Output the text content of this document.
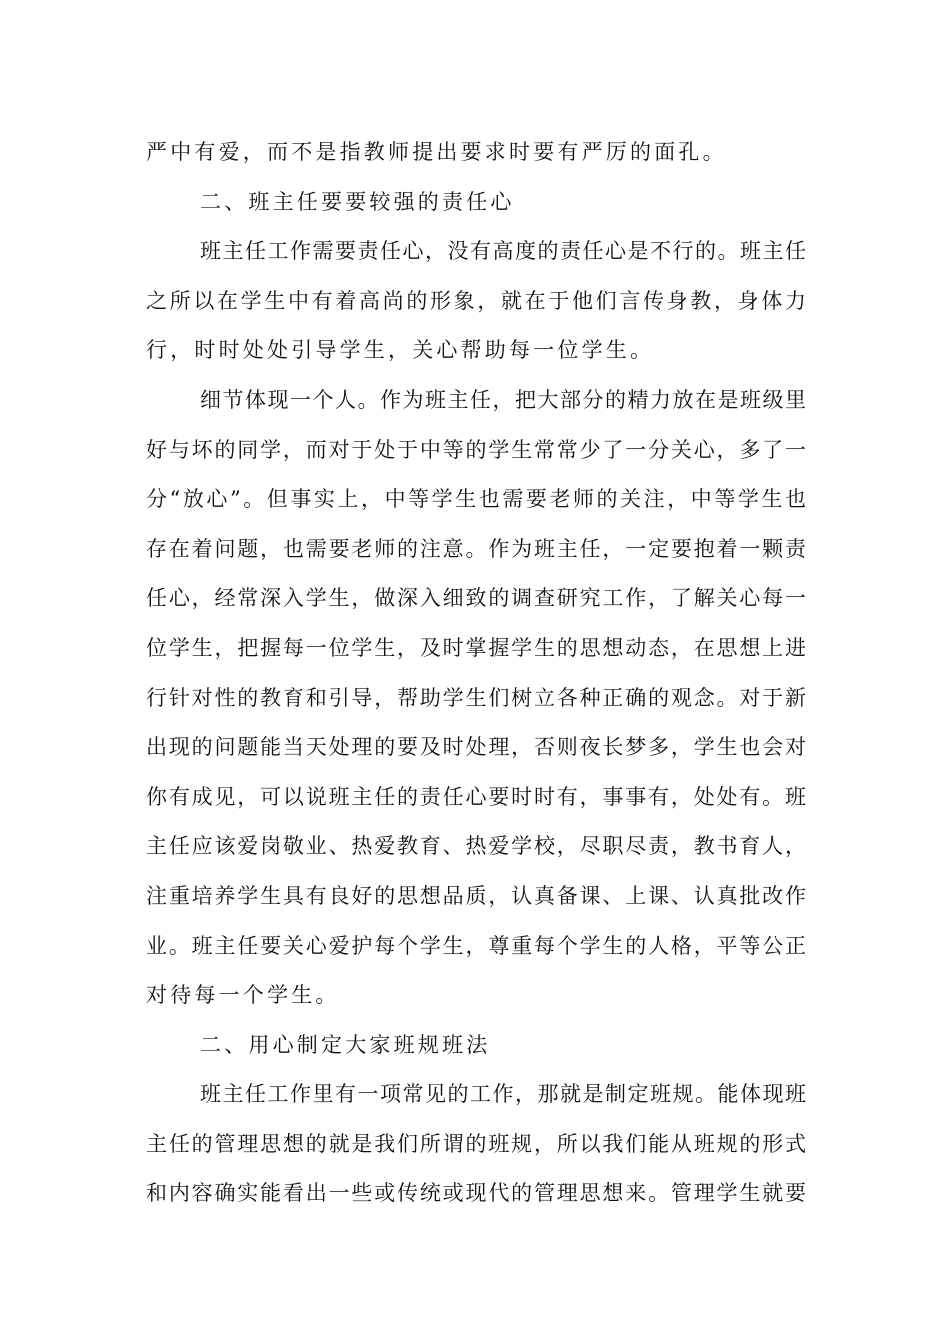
严中有爱，而不是指教师提出要求时要有严厉的面孔。
二、班主任要要较强的责任心
班主任工作需要责任心，没有高度的责任心是不行的。班主任
之所以在学生中有着高尚的形象，就在于他们言传身教，身体力
行，时时处处引导学生，关心帮助每一位学生。
细节体现一个人。作为班主任，把大部分的精力放在是班级里
好与坏的同学，而对于处于中等的学生常常少了一分关心，多了一
分“放心”。但事实上，中等学生也需要老师的关注，中等学生也
存在着问题，也需要老师的注意。作为班主任，一定要抱着一颗责
任心，经常深入学生，做深入细致的调查研究工作，了解关心每一
位学生，把握每一位学生，及时掌握学生的思想动态，在思想上进
行针对性的教育和引导，帮助学生们树立各种正确的观念。对于新
出现的问题能当天处理的要及时处理，否则夜长梦多，学生也会对
你有成见，可以说班主任的责任心要时时有，事事有，处处有。班
主任应该爱岗敬业、热爱教育、热爱学校，尽职尽责，教书育人，
注重培养学生具有良好的思想品质，认真备课、上课、认真批改作
业。班主任要关心爱护每个学生，尊重每个学生的人格，平等公正
对待每一个学生。
二、用心制定大家班规班法
班主任工作里有一项常见的工作，那就是制定班规。能体现班
主任的管理思想的就是我们所谓的班规，所以我们能从班规的形式
和内容确实能看出一些或传统或现代的管理思想来。管理学生就要
